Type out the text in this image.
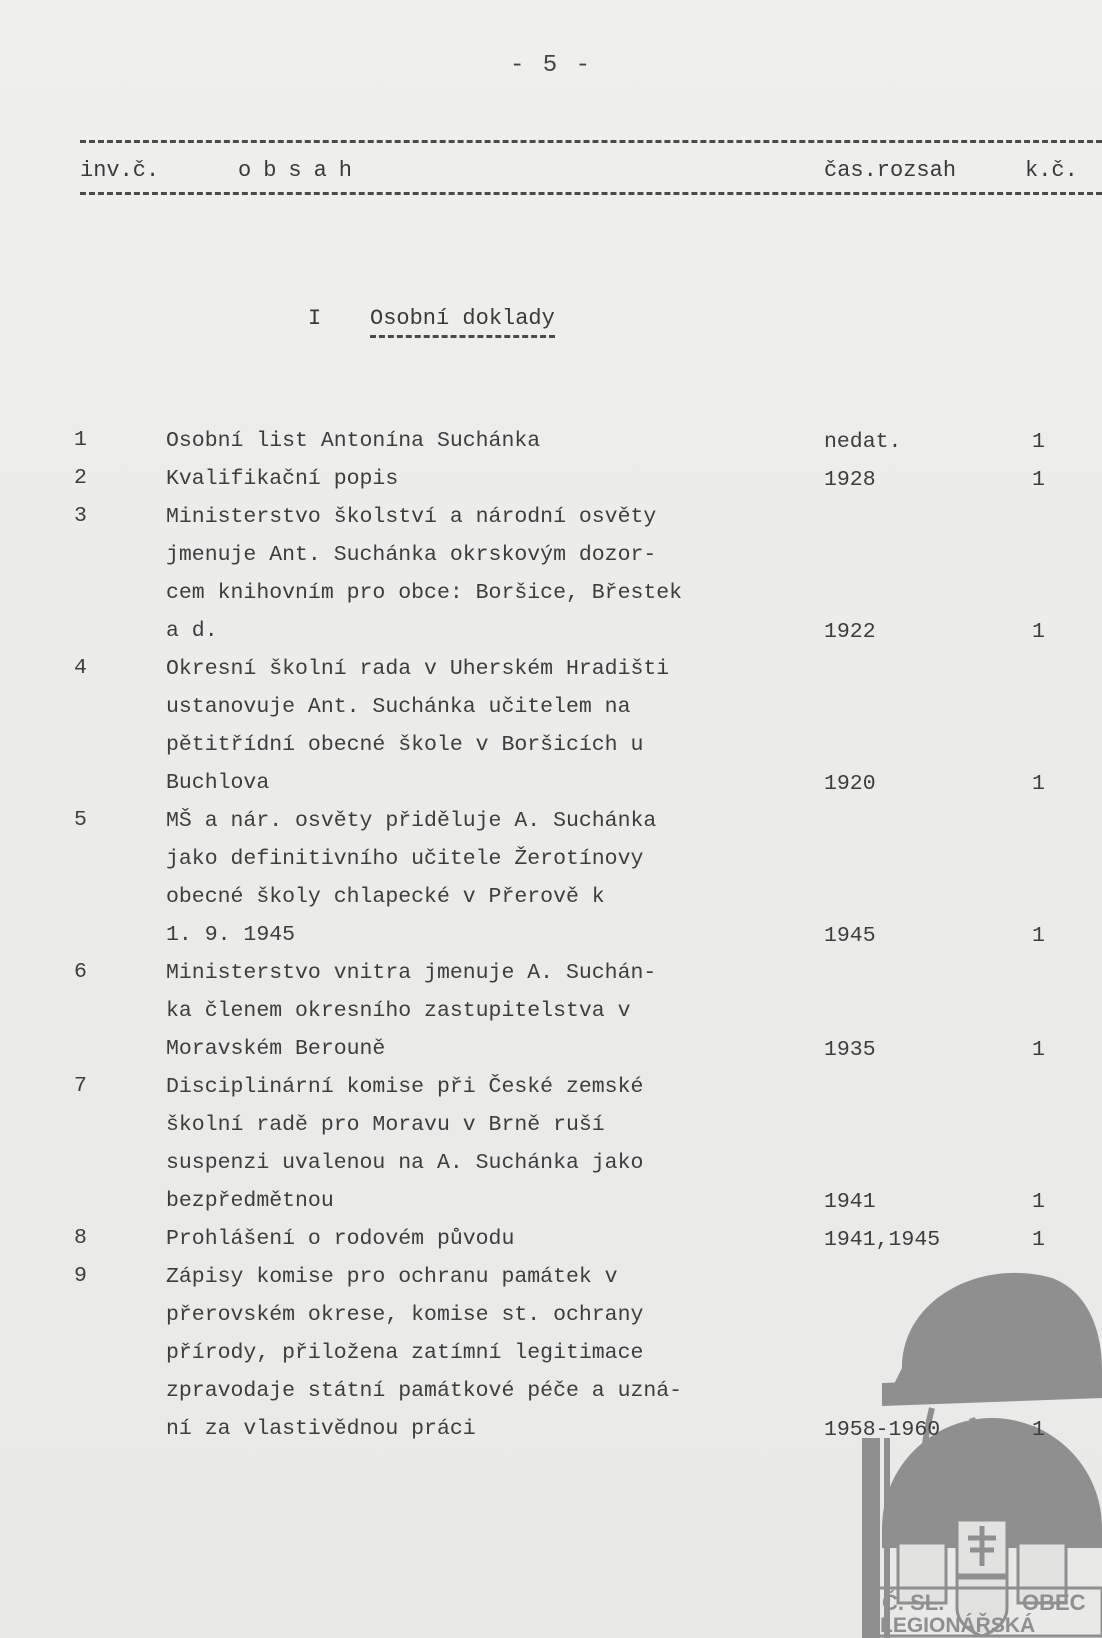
- 5 -
inv.č.	obsah	čas.rozsah	k.č.
I Osobní doklady
Č. SL.	OBEC
LEGIONÁŘSKÁ
1	Osobní list Antonína Suchánka	nedat.	1
2	Kvalifikační popis	1928	1
3	Ministerstvo školství a národní osvěty
jmenuje Ant. Suchánka okrskovým dozor-
cem knihovním pro obce: Boršice, Břestek
a d.	1922	1
4	Okresní školní rada v Uherském Hradišti
ustanovuje Ant. Suchánka učitelem na
pětitřídní obecné škole v Boršicích u
Buchlova	1920	1
5	MŠ a nár. osvěty přiděluje A. Suchánka
jako definitivního učitele Žerotínovy
obecné školy chlapecké v Přerově k
1. 9. 1945	1945	1
6	Ministerstvo vnitra jmenuje A. Suchán-
ka členem okresního zastupitelstva v
Moravském Berouně	1935	1
7	Disciplinární komise při České zemské
školní radě pro Moravu v Brně ruší
suspenzi uvalenou na A. Suchánka jako
bezpředmětnou	1941	1
8	Prohlášení o rodovém původu	1941,1945	1
9	Zápisy komise pro ochranu památek v
přerovském okrese, komise st. ochrany
přírody, přiložena zatímní legitimace
zpravodaje státní památkové péče a uzná-
ní za vlastivědnou práci	1958-1960	1
